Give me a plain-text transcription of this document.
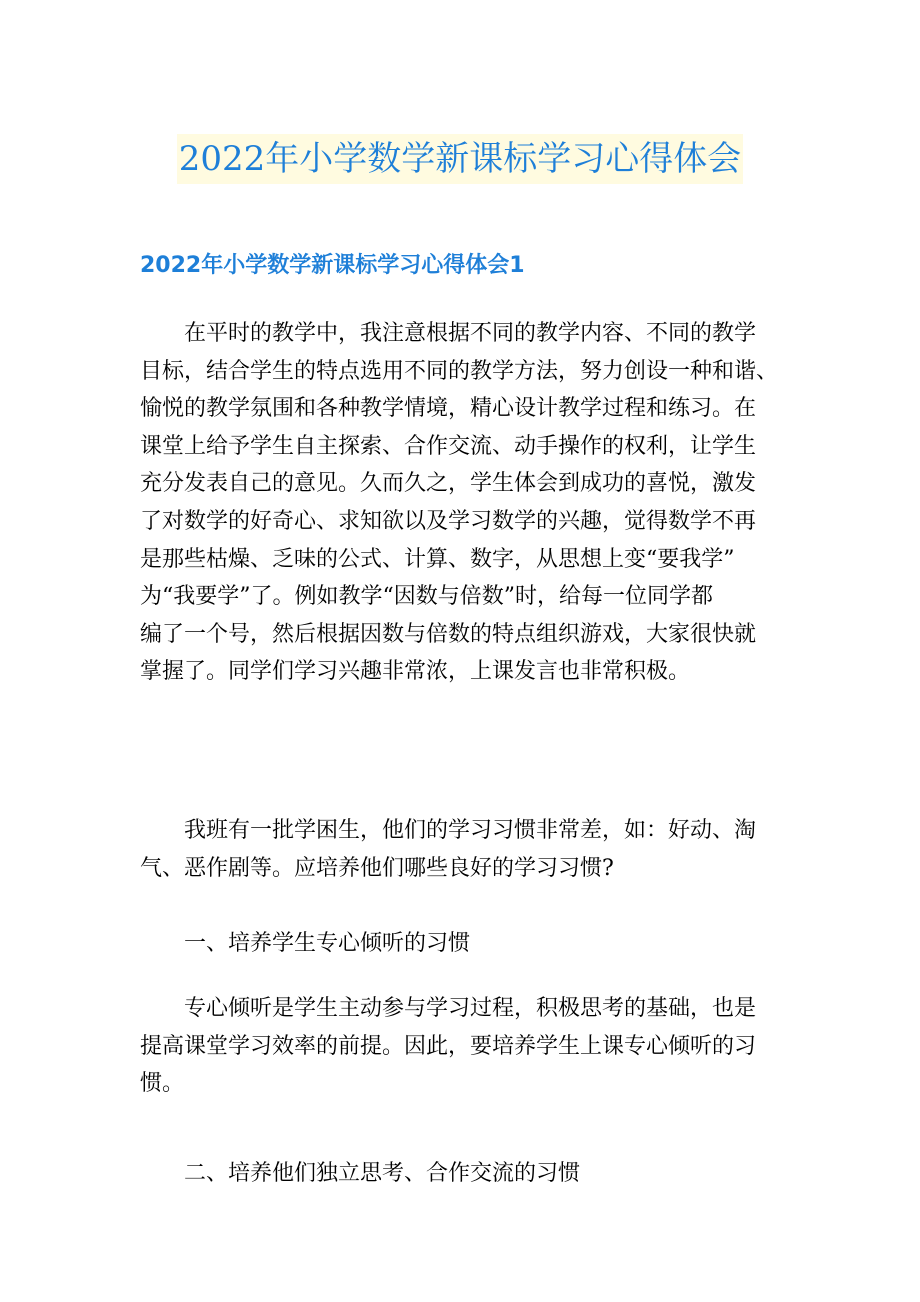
2022年小学数学新课标学习心得体会
2022年小学数学新课标学习心得体会1
在平时的教学中，我注意根据不同的教学内容、不同的教学
目标，结合学生的特点选用不同的教学方法，努力创设一种和谐、
愉悦的教学氛围和各种教学情境，精心设计教学过程和练习。在
课堂上给予学生自主探索、合作交流、动手操作的权利，让学生
充分发表自己的意见。久而久之，学生体会到成功的喜悦，激发
了对数学的好奇心、求知欲以及学习数学的兴趣，觉得数学不再
是那些枯燥、乏味的公式、计算、数字，从思想上变“要我学”
为“我要学”了。例如教学“因数与倍数”时，给每一位同学都
编了一个号，然后根据因数与倍数的特点组织游戏，大家很快就
掌握了。同学们学习兴趣非常浓，上课发言也非常积极。
我班有一批学困生，他们的学习习惯非常差，如：好动、淘
气、恶作剧等。应培养他们哪些良好的学习习惯?
一、培养学生专心倾听的习惯
专心倾听是学生主动参与学习过程，积极思考的基础，也是
提高课堂学习效率的前提。因此，要培养学生上课专心倾听的习
惯。
二、培养他们独立思考、合作交流的习惯
